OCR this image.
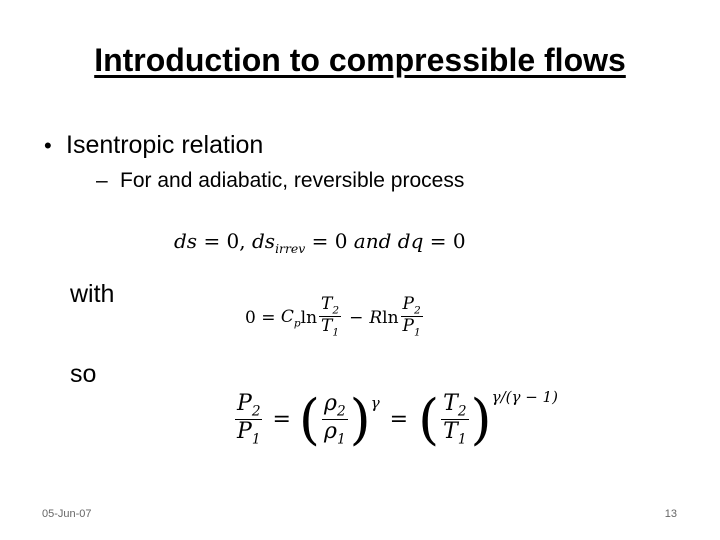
Introduction to compressible flows
• Isentropic relation
– For and adiabatic, reversible process
ds = 0, $ds_{irrev} = 0$ and dq = 0
with
0 =
$C_p$ $\ln \frac{T_2}{T_1} - R$ $\ln \frac{P_2}{P_1}$
so
$\frac{P_2}{P_1}$ = ( $\frac{\rho_2}{\rho_1}$ ) γ
= ( $\frac{T_2}{T_1}$ ) γ/(γ − 1)
05-Jun-07	13
